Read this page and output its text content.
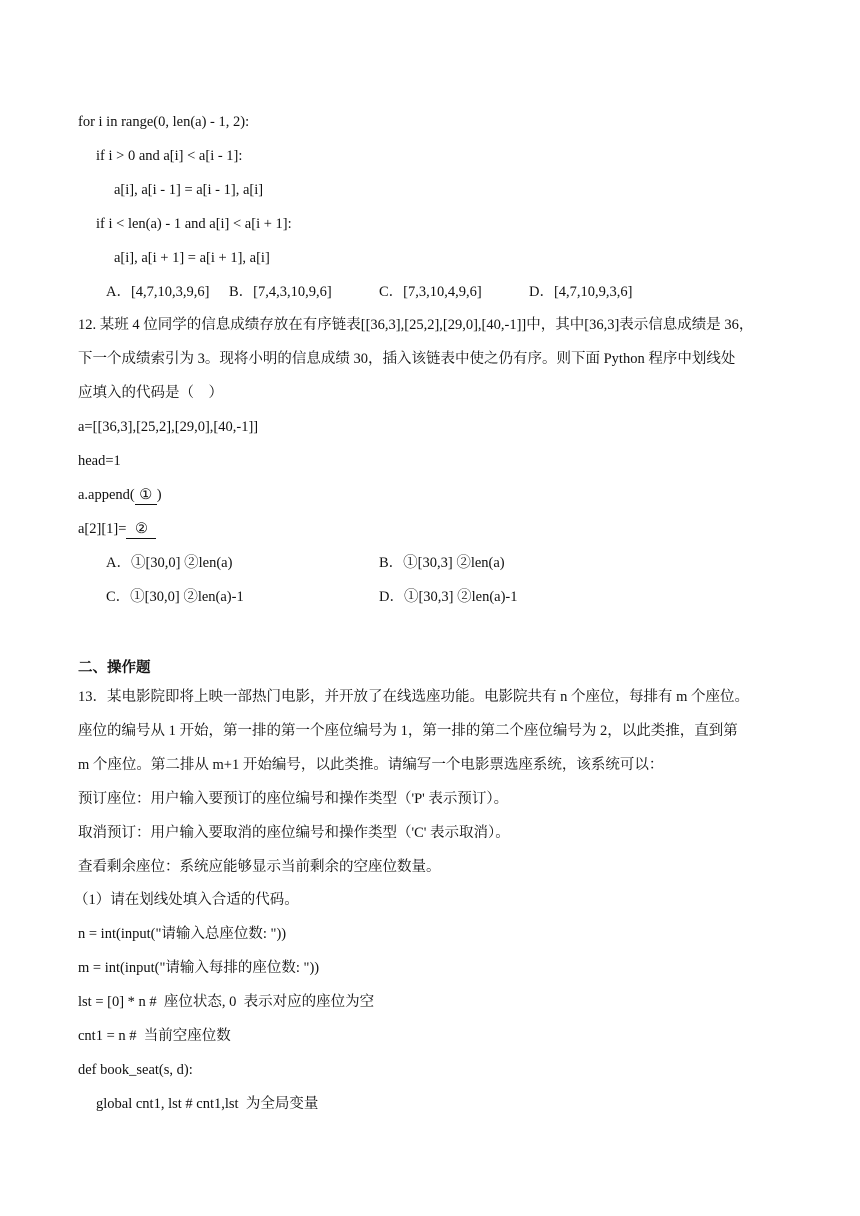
for i in range(0, len(a) - 1, 2):
if i > 0 and a[i] < a[i - 1]:
a[i], a[i - 1] = a[i - 1], a[i]
if i < len(a) - 1 and a[i] < a[i + 1]:
a[i], a[i + 1] = a[i + 1], a[i]
A．[4,7,10,3,9,6] B．[7,4,3,10,9,6]	C．[7,3,10,4,9,6]	D．[4,7,10,9,3,6]
12. 某班 4 位同学的信息成绩存放在有序链表[[36,3],[25,2],[29,0],[40,-1]]中，其中[36,3]表示信息成绩是 36，
下一个成绩索引为 3。现将小明的信息成绩 30，插入该链表中使之仍有序。则下面 Python 程序中划线处
应填入的代码是（    ）
a=[[36,3],[25,2],[29,0],[40,-1]]
head=1
a.append( ① )
a[2][1]= ②
A．①[30,0] ②len(a)	B．①[30,3] ②len(a)
C．①[30,0] ②len(a)-1	D．①[30,3] ②len(a)-1
二、操作题
13．某电影院即将上映一部热门电影，并开放了在线选座功能。电影院共有 n 个座位，每排有 m 个座位。
座位的编号从 1 开始，第一排的第一个座位编号为 1，第一排的第二个座位编号为 2，以此类推，直到第
m 个座位。第二排从 m+1 开始编号，以此类推。请编写一个电影票选座系统，该系统可以：
预订座位：用户输入要预订的座位编号和操作类型（'P' 表示预订）。
取消预订：用户输入要取消的座位编号和操作类型（'C' 表示取消）。
查看剩余座位：系统应能够显示当前剩余的空座位数量。
（1）请在划线处填入合适的代码。
n = int(input("请输入总座位数: "))
m = int(input("请输入每排的座位数: "))
lst = [0] * n #  座位状态, 0  表示对应的座位为空
cnt1 = n #  当前空座位数
def book_seat(s, d):
global cnt1, lst # cnt1,lst  为全局变量
